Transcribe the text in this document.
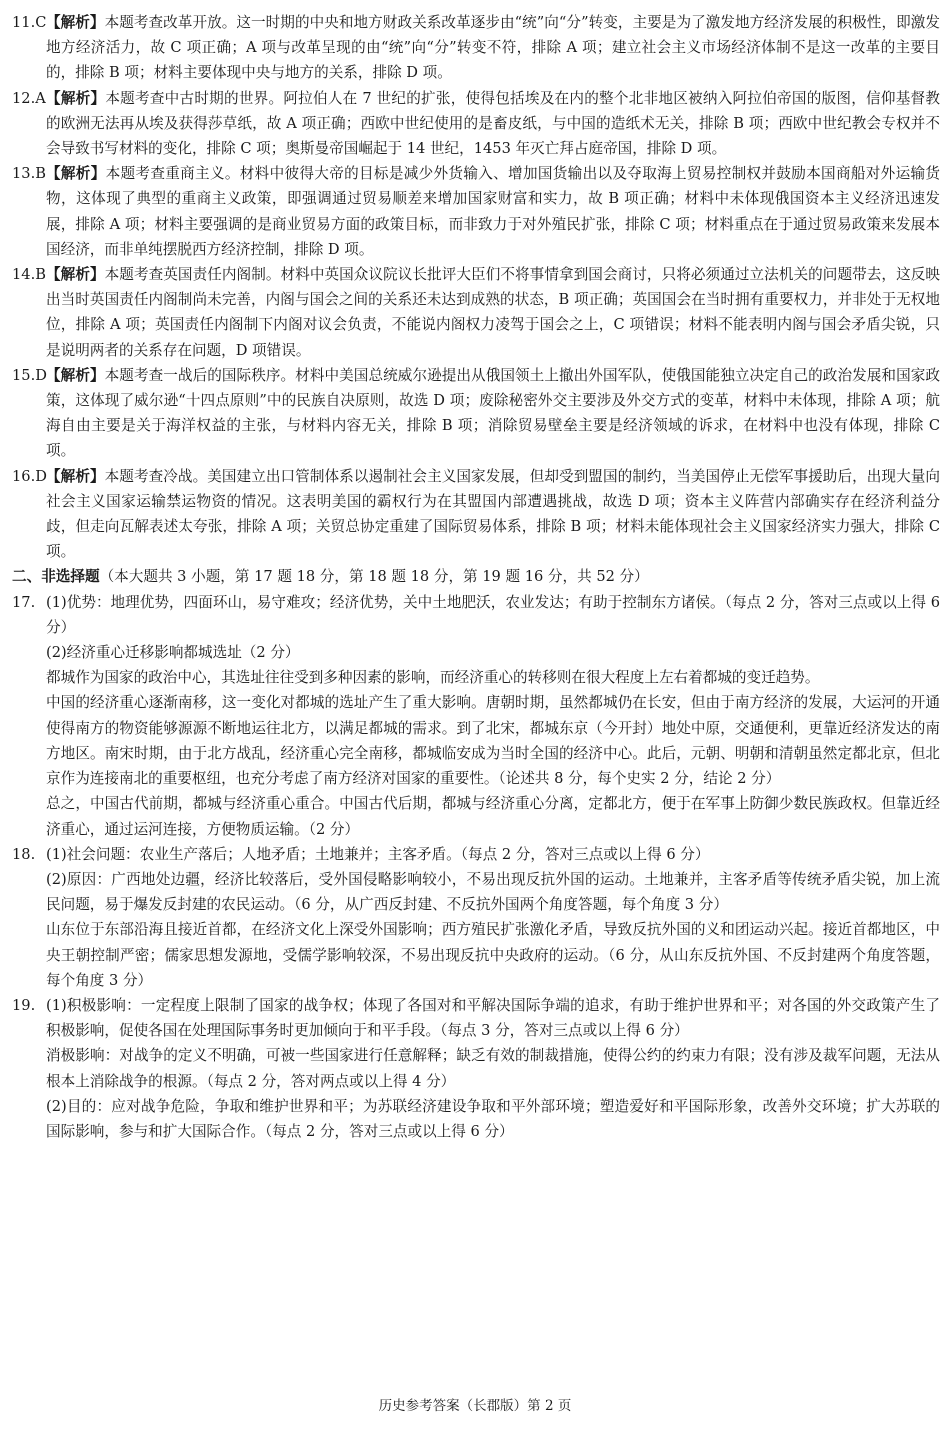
11.C 【解析】本题考查改革开放。这一时期的中央和地方财政关系改革逐步由“统”向“分”转变，主要是为了激发地方经济发展的积极性，即激发地方经济活力，故 C 项正确；A 项与改革呈现的由“统”向“分”转变不符，排除 A 项；建立社会主义市场经济体制不是这一改革的主要目的，排除 B 项；材料主要体现中央与地方的关系，排除 D 项。
12.A 【解析】本题考查中古时期的世界。阿拉伯人在 7 世纪的扩张，使得包括埃及在内的整个北非地区被纳入阿拉伯帝国的版图，信仰基督教的欧洲无法再从埃及获得莎草纸，故 A 项正确；西欧中世纪使用的是畜皮纸，与中国的造纸术无关，排除 B 项；西欧中世纪教会专权并不会导致书写材料的变化，排除 C 项；奥斯曼帝国崛起于 14 世纪，1453 年灭亡拜占庭帝国，排除 D 项。
13.B 【解析】本题考查重商主义。材料中彼得大帝的目标是减少外货输入、增加国货输出以及夺取海上贸易控制权并鼓励本国商船对外运输货物，这体现了典型的重商主义政策，即强调通过贸易顺差来增加国家财富和实力，故 B 项正确；材料中未体现俄国资本主义经济迅速发展，排除 A 项；材料主要强调的是商业贸易方面的政策目标，而非致力于对外殖民扩张，排除 C 项；材料重点在于通过贸易政策来发展本国经济，而非单纯摆脱西方经济控制，排除 D 项。
14.B 【解析】本题考查英国责任内阁制。材料中英国众议院议长批评大臣们不将事情拿到国会商讨，只将必须通过立法机关的问题带去，这反映出当时英国责任内阁制尚未完善，内阁与国会之间的关系还未达到成熟的状态，B 项正确；英国国会在当时拥有重要权力，并非处于无权地位，排除 A 项；英国责任内阁制下内阁对议会负责，不能说内阁权力凌驾于国会之上，C 项错误；材料不能表明内阁与国会矛盾尖锐，只是说明两者的关系存在问题，D 项错误。
15.D 【解析】本题考查一战后的国际秩序。材料中美国总统威尔逊提出从俄国领土上撤出外国军队，使俄国能独立决定自己的政治发展和国家政策，这体现了威尔逊“十四点原则”中的民族自决原则，故选 D 项；废除秘密外交主要涉及外交方式的变革，材料中未体现，排除 A 项；航海自由主要是关于海洋权益的主张，与材料内容无关，排除 B 项；消除贸易壁垒主要是经济领域的诉求，在材料中也没有体现，排除 C 项。
16.D 【解析】本题考查冷战。美国建立出口管制体系以遏制社会主义国家发展，但却受到盟国的制约，当美国停止无偿军事援助后，出现大量向社会主义国家运输禁运物资的情况。这表明美国的霸权行为在其盟国内部遭遇挑战，故选 D 项；资本主义阵营内部确实存在经济利益分歧，但走向瓦解表述太夸张，排除 A 项；关贸总协定重建了国际贸易体系，排除 B 项；材料未能体现社会主义国家经济实力强大，排除 C 项。
二、非选择题（本大题共 3 小题，第 17 题 18 分，第 18 题 18 分，第 19 题 16 分，共 52 分）
17. (1)优势：地理优势，四面环山，易守难攻；经济优势，关中土地肥沃，农业发达；有助于控制东方诸侯。（每点 2 分，答对三点或以上得 6 分）
(2)经济重心迁移影响都城选址（2 分）
都城作为国家的政治中心，其选址往往受到多种因素的影响，而经济重心的转移则在很大程度上左右着都城的变迁趋势。
中国的经济重心逐渐南移，这一变化对都城的选址产生了重大影响。唐朝时期，虽然都城仍在长安，但由于南方经济的发展，大运河的开通使得南方的物资能够源源不断地运往北方，以满足都城的需求。到了北宋，都城东京（今开封）地处中原，交通便利，更靠近经济发达的南方地区。南宋时期，由于北方战乱，经济重心完全南移，都城临安成为当时全国的经济中心。此后，元朝、明朝和清朝虽然定都北京，但北京作为连接南北的重要枢纽，也充分考虑了南方经济对国家的重要性。（论述共 8 分，每个史实 2 分，结论 2 分）
总之，中国古代前期，都城与经济重心重合。中国古代后期，都城与经济重心分离，定都北方，便于在军事上防御少数民族政权。但靠近经济重心，通过运河连接，方便物质运输。（2 分）
18. (1)社会问题：农业生产落后；人地矛盾；土地兼并；主客矛盾。（每点 2 分，答对三点或以上得 6 分）
(2)原因：广西地处边疆，经济比较落后，受外国侵略影响较小，不易出现反抗外国的运动。土地兼并，主客矛盾等传统矛盾尖锐，加上流民问题，易于爆发反封建的农民运动。（6 分，从广西反封建、不反抗外国两个角度答题，每个角度 3 分）
山东位于东部沿海且接近首都，在经济文化上深受外国影响；西方殖民扩张激化矛盾，导致反抗外国的义和团运动兴起。接近首都地区，中央王朝控制严密；儒家思想发源地，受儒学影响较深，不易出现反抗中央政府的运动。（6 分，从山东反抗外国、不反封建两个角度答题，每个角度 3 分）
19. (1)积极影响：一定程度上限制了国家的战争权；体现了各国对和平解决国际争端的追求，有助于维护世界和平；对各国的外交政策产生了积极影响，促使各国在处理国际事务时更加倾向于和平手段。（每点 3 分，答对三点或以上得 6 分）
消极影响：对战争的定义不明确，可被一些国家进行任意解释；缺乏有效的制裁措施，使得公约的约束力有限；没有涉及裁军问题，无法从根本上消除战争的根源。（每点 2 分，答对两点或以上得 4 分）
(2)目的：应对战争危险，争取和维护世界和平；为苏联经济建设争取和平外部环境；塑造爱好和平国际形象，改善外交环境；扩大苏联的国际影响，参与和扩大国际合作。（每点 2 分，答对三点或以上得 6 分）
历史参考答案（长郡版）第 2 页
